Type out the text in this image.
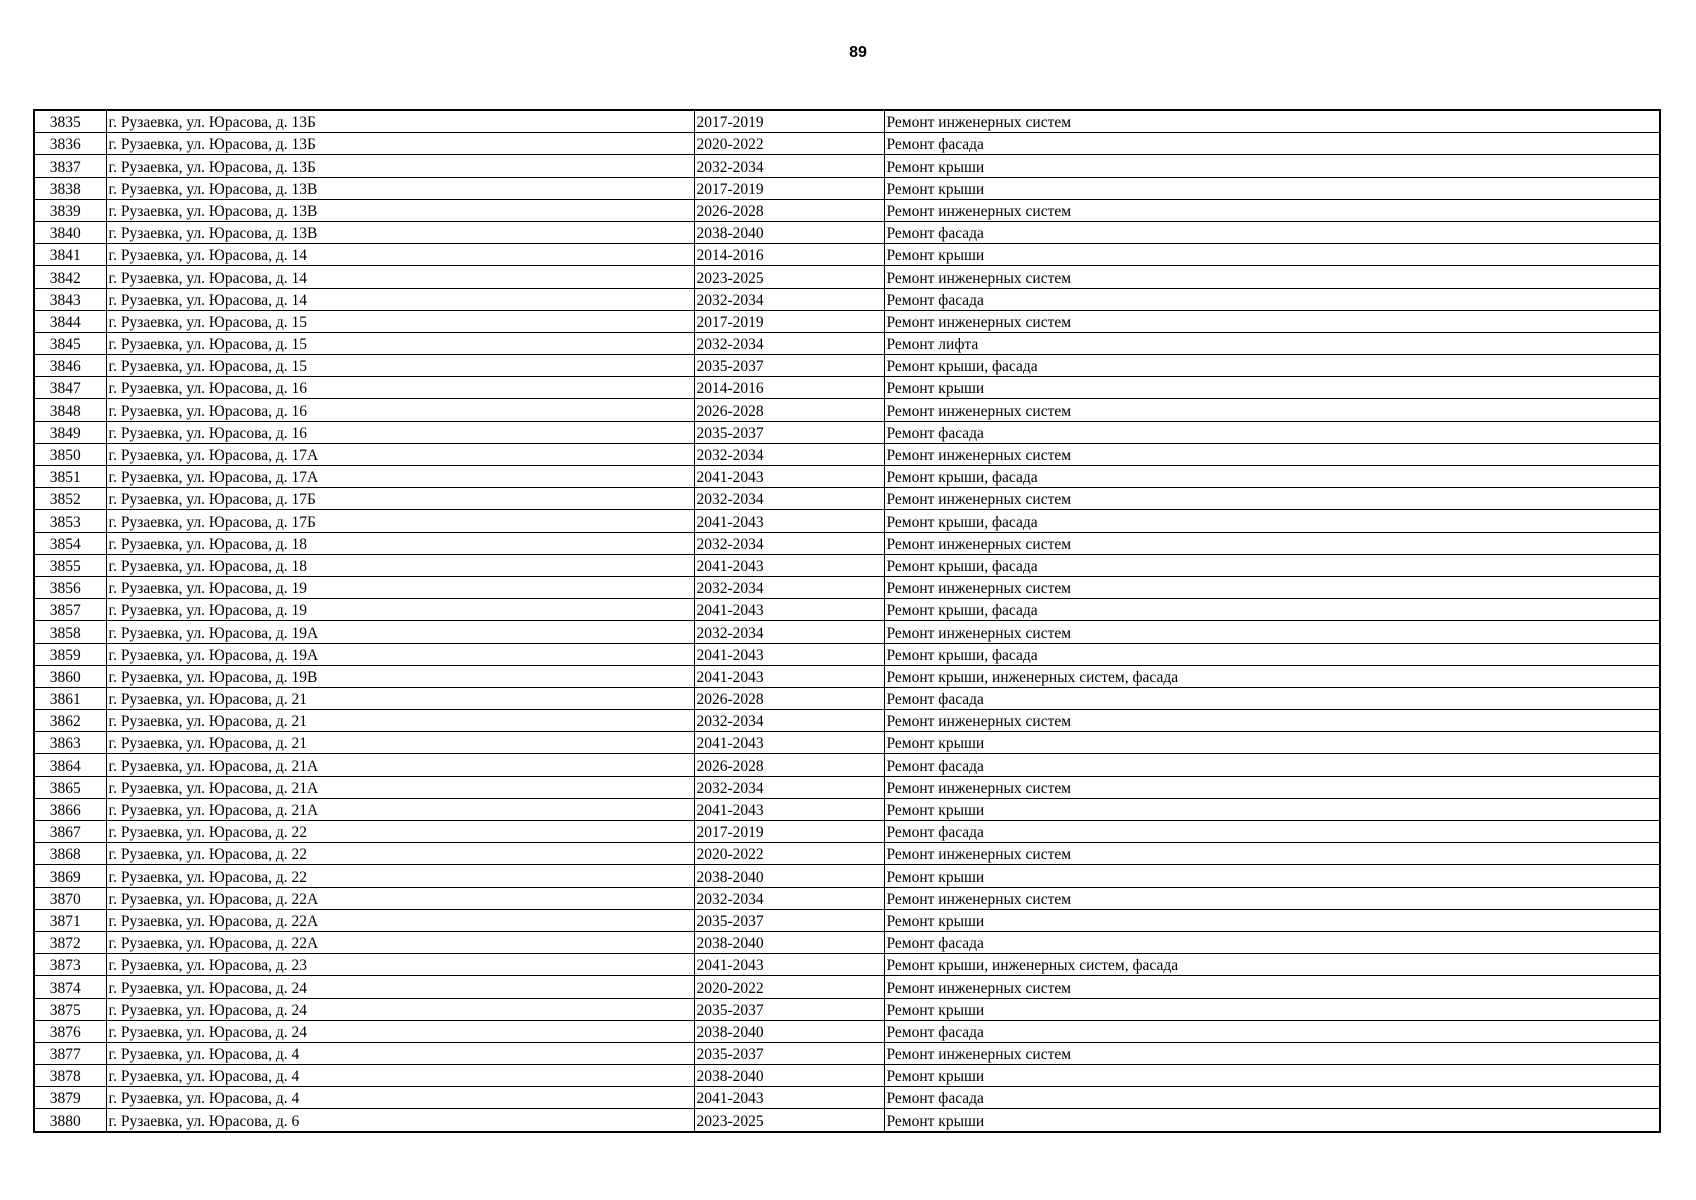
89
3835	г. Рузаевка, ул. Юрасова, д. 13Б	2017-2019	Ремонт инженерных систем
3836	г. Рузаевка, ул. Юрасова, д. 13Б	2020-2022	Ремонт фасада
3837	г. Рузаевка, ул. Юрасова, д. 13Б	2032-2034	Ремонт крыши
3838	г. Рузаевка, ул. Юрасова, д. 13В	2017-2019	Ремонт крыши
3839	г. Рузаевка, ул. Юрасова, д. 13В	2026-2028	Ремонт инженерных систем
3840	г. Рузаевка, ул. Юрасова, д. 13В	2038-2040	Ремонт фасада
3841	г. Рузаевка, ул. Юрасова, д. 14	2014-2016	Ремонт крыши
3842	г. Рузаевка, ул. Юрасова, д. 14	2023-2025	Ремонт инженерных систем
3843	г. Рузаевка, ул. Юрасова, д. 14	2032-2034	Ремонт фасада
3844	г. Рузаевка, ул. Юрасова, д. 15	2017-2019	Ремонт инженерных систем
3845	г. Рузаевка, ул. Юрасова, д. 15	2032-2034	Ремонт лифта
3846	г. Рузаевка, ул. Юрасова, д. 15	2035-2037	Ремонт крыши, фасада
3847	г. Рузаевка, ул. Юрасова, д. 16	2014-2016	Ремонт крыши
3848	г. Рузаевка, ул. Юрасова, д. 16	2026-2028	Ремонт инженерных систем
3849	г. Рузаевка, ул. Юрасова, д. 16	2035-2037	Ремонт фасада
3850	г. Рузаевка, ул. Юрасова, д. 17А	2032-2034	Ремонт инженерных систем
3851	г. Рузаевка, ул. Юрасова, д. 17А	2041-2043	Ремонт крыши, фасада
3852	г. Рузаевка, ул. Юрасова, д. 17Б	2032-2034	Ремонт инженерных систем
3853	г. Рузаевка, ул. Юрасова, д. 17Б	2041-2043	Ремонт крыши, фасада
3854	г. Рузаевка, ул. Юрасова, д. 18	2032-2034	Ремонт инженерных систем
3855	г. Рузаевка, ул. Юрасова, д. 18	2041-2043	Ремонт крыши, фасада
3856	г. Рузаевка, ул. Юрасова, д. 19	2032-2034	Ремонт инженерных систем
3857	г. Рузаевка, ул. Юрасова, д. 19	2041-2043	Ремонт крыши, фасада
3858	г. Рузаевка, ул. Юрасова, д. 19А	2032-2034	Ремонт инженерных систем
3859	г. Рузаевка, ул. Юрасова, д. 19А	2041-2043	Ремонт крыши, фасада
3860	г. Рузаевка, ул. Юрасова, д. 19В	2041-2043	Ремонт крыши, инженерных систем, фасада
3861	г. Рузаевка, ул. Юрасова, д. 21	2026-2028	Ремонт фасада
3862	г. Рузаевка, ул. Юрасова, д. 21	2032-2034	Ремонт инженерных систем
3863	г. Рузаевка, ул. Юрасова, д. 21	2041-2043	Ремонт крыши
3864	г. Рузаевка, ул. Юрасова, д. 21А	2026-2028	Ремонт фасада
3865	г. Рузаевка, ул. Юрасова, д. 21А	2032-2034	Ремонт инженерных систем
3866	г. Рузаевка, ул. Юрасова, д. 21А	2041-2043	Ремонт крыши
3867	г. Рузаевка, ул. Юрасова, д. 22	2017-2019	Ремонт фасада
3868	г. Рузаевка, ул. Юрасова, д. 22	2020-2022	Ремонт инженерных систем
3869	г. Рузаевка, ул. Юрасова, д. 22	2038-2040	Ремонт крыши
3870	г. Рузаевка, ул. Юрасова, д. 22А	2032-2034	Ремонт инженерных систем
3871	г. Рузаевка, ул. Юрасова, д. 22А	2035-2037	Ремонт крыши
3872	г. Рузаевка, ул. Юрасова, д. 22А	2038-2040	Ремонт фасада
3873	г. Рузаевка, ул. Юрасова, д. 23	2041-2043	Ремонт крыши, инженерных систем, фасада
3874	г. Рузаевка, ул. Юрасова, д. 24	2020-2022	Ремонт инженерных систем
3875	г. Рузаевка, ул. Юрасова, д. 24	2035-2037	Ремонт крыши
3876	г. Рузаевка, ул. Юрасова, д. 24	2038-2040	Ремонт фасада
3877	г. Рузаевка, ул. Юрасова, д. 4	2035-2037	Ремонт инженерных систем
3878	г. Рузаевка, ул. Юрасова, д. 4	2038-2040	Ремонт крыши
3879	г. Рузаевка, ул. Юрасова, д. 4	2041-2043	Ремонт фасада
3880	г. Рузаевка, ул. Юрасова, д. 6	2023-2025	Ремонт крыши
